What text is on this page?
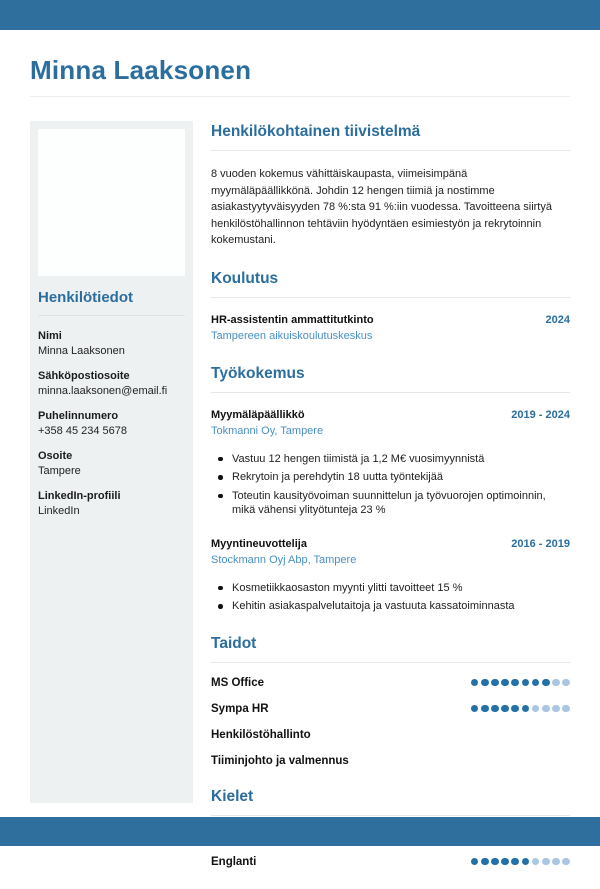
Minna Laaksonen
Henkilötiedot
Nimi
Minna Laaksonen
Sähköpostiosoite
minna.laaksonen@email.fi
Puhelinnumero
+358 45 234 5678
Osoite
Tampere
LinkedIn-profiili
LinkedIn
Henkilökohtainen tiivistelmä

8 vuoden kokemus vähittäiskaupasta, viimeisimpänä myymäläpäällikkönä. Johdin 12 hengen tiimiä ja nostimme asiakastyytyväisyyden 78 %:sta 91 %:iin vuodessa. Tavoitteena siirtyä henkilöstöhallinnon tehtäviin hyödyntäen esimiestyön ja rekrytoinnin kokemustani.

Koulutus
HR-assistentin ammattitutkinto	2024
Tampereen aikuiskoulutuskeskus
Työkokemus
Myymäläpäällikkö	2019 - 2024
Tokmanni Oy, Tampere
Vastuu 12 hengen tiimistä ja 1,2 M€ vuosimyynnistä
Rekrytoin ja perehdytin 18 uutta työntekijää
Toteutin kausityövoiman suunnittelun ja työvuorojen optimoinnin, mikä vähensi ylityötunteja 23 %
Myyntineuvottelija	2016 - 2019
Stockmann Oyj Abp, Tampere
Kosmetiikkaosaston myynti ylitti tavoitteet 15 %
Kehitin asiakaspalvelutaitoja ja vastuuta kassatoiminnasta
Taidot
MS Office
Sympa HR
Henkilöstöhallinto
Tiiminjohto ja valmennus
Kielet
Englanti
